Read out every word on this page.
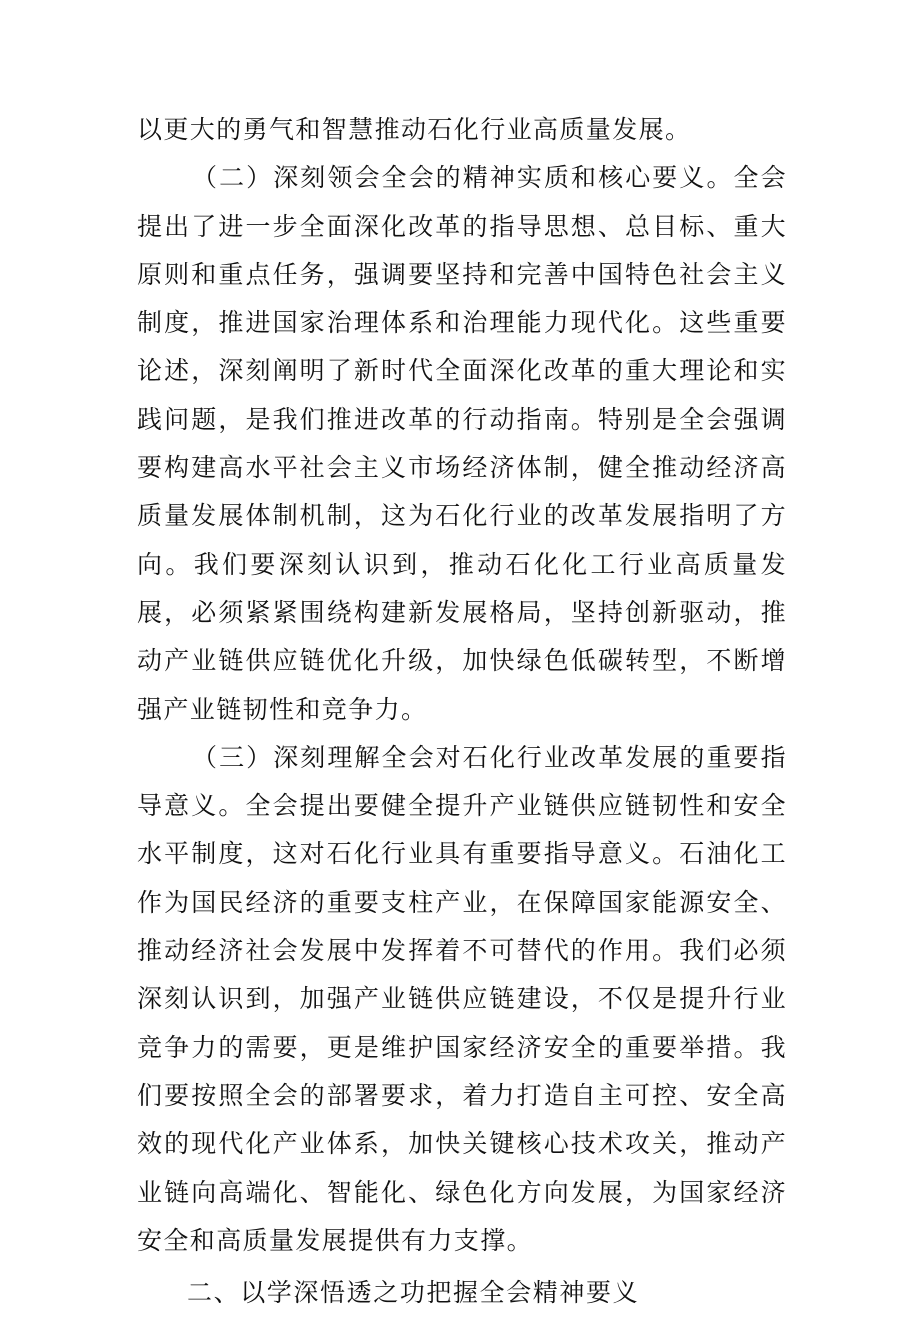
以更大的勇气和智慧推动石化行业高质量发展。

（二）深刻领会全会的精神实质和核心要义。全会提出了进一步全面深化改革的指导思想、总目标、重大原则和重点任务，强调要坚持和完善中国特色社会主义制度，推进国家治理体系和治理能力现代化。这些重要论述，深刻阐明了新时代全面深化改革的重大理论和实践问题，是我们推进改革的行动指南。特别是全会强调要构建高水平社会主义市场经济体制，健全推动经济高质量发展体制机制，这为石化行业的改革发展指明了方向。我们要深刻认识到，推动石化化工行业高质量发展，必须紧紧围绕构建新发展格局，坚持创新驱动，推动产业链供应链优化升级，加快绿色低碳转型，不断增强产业链韧性和竞争力。

（三）深刻理解全会对石化行业改革发展的重要指导意义。全会提出要健全提升产业链供应链韧性和安全水平制度，这对石化行业具有重要指导意义。石油化工作为国民经济的重要支柱产业，在保障国家能源安全、推动经济社会发展中发挥着不可替代的作用。我们必须深刻认识到，加强产业链供应链建设，不仅是提升行业竞争力的需要，更是维护国家经济安全的重要举措。我们要按照全会的部署要求，着力打造自主可控、安全高效的现代化产业体系，加快关键核心技术攻关，推动产业链向高端化、智能化、绿色化方向发展，为国家经济安全和高质量发展提供有力支撑。

二、以学深悟透之功把握全会精神要义
